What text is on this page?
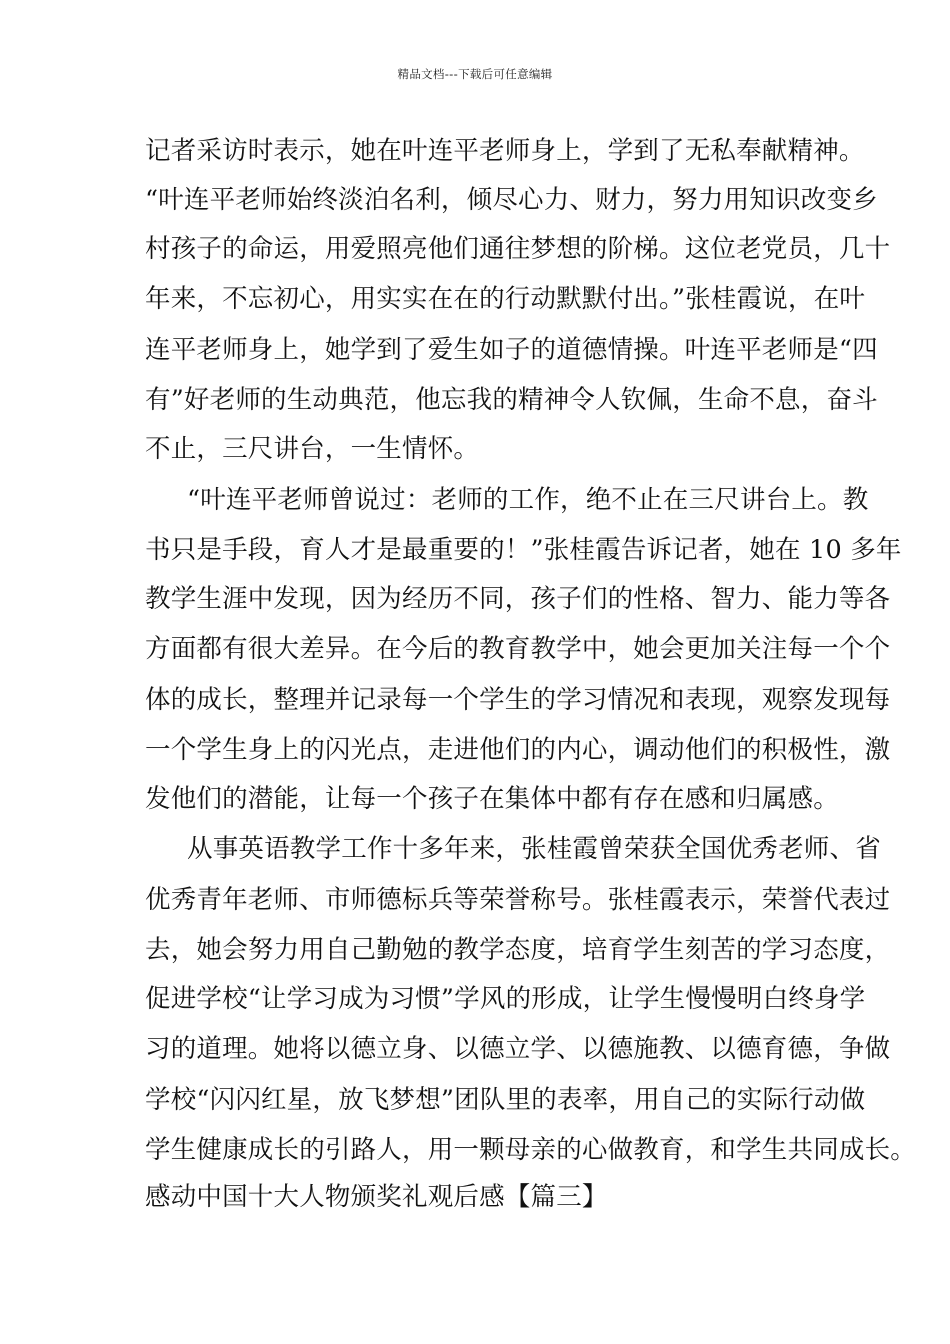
精品文档---下载后可任意编辑
记者采访时表示，她在叶连平老师身上，学到了无私奉献精神。
“叶连平老师始终淡泊名利，倾尽心力、财力，努力用知识改变乡
村孩子的命运，用爱照亮他们通往梦想的阶梯。这位老党员，几十
年来，不忘初心，用实实在在的行动默默付出。”张桂霞说，在叶
连平老师身上，她学到了爱生如子的道德情操。叶连平老师是“四
有”好老师的生动典范，他忘我的精神令人钦佩，生命不息，奋斗
不止，三尺讲台，一生情怀。
“叶连平老师曾说过：老师的工作，绝不止在三尺讲台上。教
书只是手段，育人才是最重要的！”张桂霞告诉记者，她在 10 多年
教学生涯中发现，因为经历不同，孩子们的性格、智力、能力等各
方面都有很大差异。在今后的教育教学中，她会更加关注每一个个
体的成长，整理并记录每一个学生的学习情况和表现，观察发现每
一个学生身上的闪光点，走进他们的内心，调动他们的积极性，激
发他们的潜能，让每一个孩子在集体中都有存在感和归属感。
从事英语教学工作十多年来，张桂霞曾荣获全国优秀老师、省
优秀青年老师、市师德标兵等荣誉称号。张桂霞表示，荣誉代表过
去，她会努力用自己勤勉的教学态度，培育学生刻苦的学习态度，
促进学校“让学习成为习惯”学风的形成，让学生慢慢明白终身学
习的道理。她将以德立身、以德立学、以德施教、以德育德，争做
学校“闪闪红星，放飞梦想”团队里的表率，用自己的实际行动做
学生健康成长的引路人，用一颗母亲的心做教育，和学生共同成长。
感动中国十大人物颁奖礼观后感【篇三】
